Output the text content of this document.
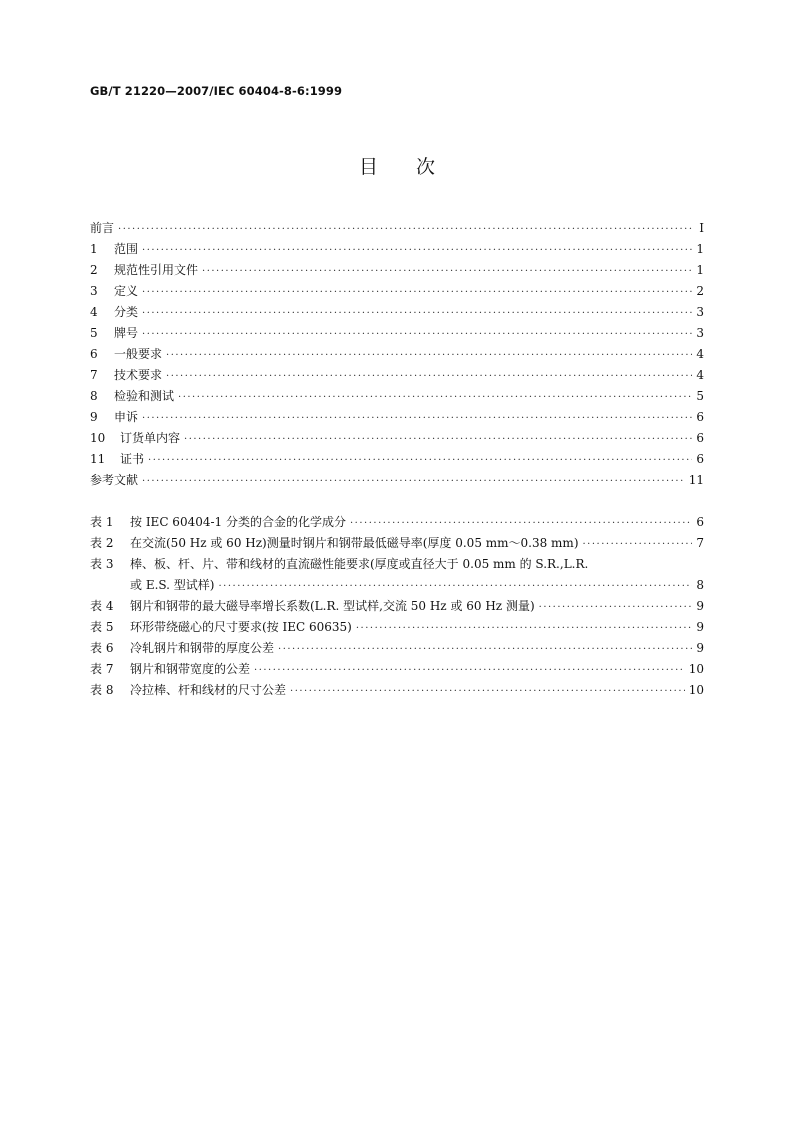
GB/T 21220—2007/IEC 60404-8-6:1999
目　　次
前言 ·····	Ⅰ
1	范围 ·····	1
2	规范性引用文件 ·····	1
3	定义 ·····	2
4	分类 ·····	3
5	牌号 ·····	3
6	一般要求 ·····	4
7	技术要求 ·····	4
8	检验和测试 ·····	5
9	申诉 ·····	6
10	订货单内容 ·····	6
11	证书 ·····	6
参考文献 ·····	11
表 1	按 IEC 60404-1 分类的合金的化学成分 ·····	6
表 2	在交流(50 Hz 或 60 Hz)测量时钢片和钢带最低磁导率(厚度 0.05 mm～0.38 mm) ·····	7
表 3	棒、板、杆、片、带和线材的直流磁性能要求(厚度或直径大于 0.05 mm 的 S.R.,L.R.
或 E.S. 型试样) ·····	8
表 4	钢片和钢带的最大磁导率增长系数(L.R. 型试样,交流 50 Hz 或 60 Hz 测量) ·····	9
表 5	环形带绕磁心的尺寸要求(按 IEC 60635) ·····	9
表 6	冷轧钢片和钢带的厚度公差 ·····	9
表 7	钢片和钢带宽度的公差 ·····	10
表 8	冷拉棒、杆和线材的尺寸公差 ·····	10
